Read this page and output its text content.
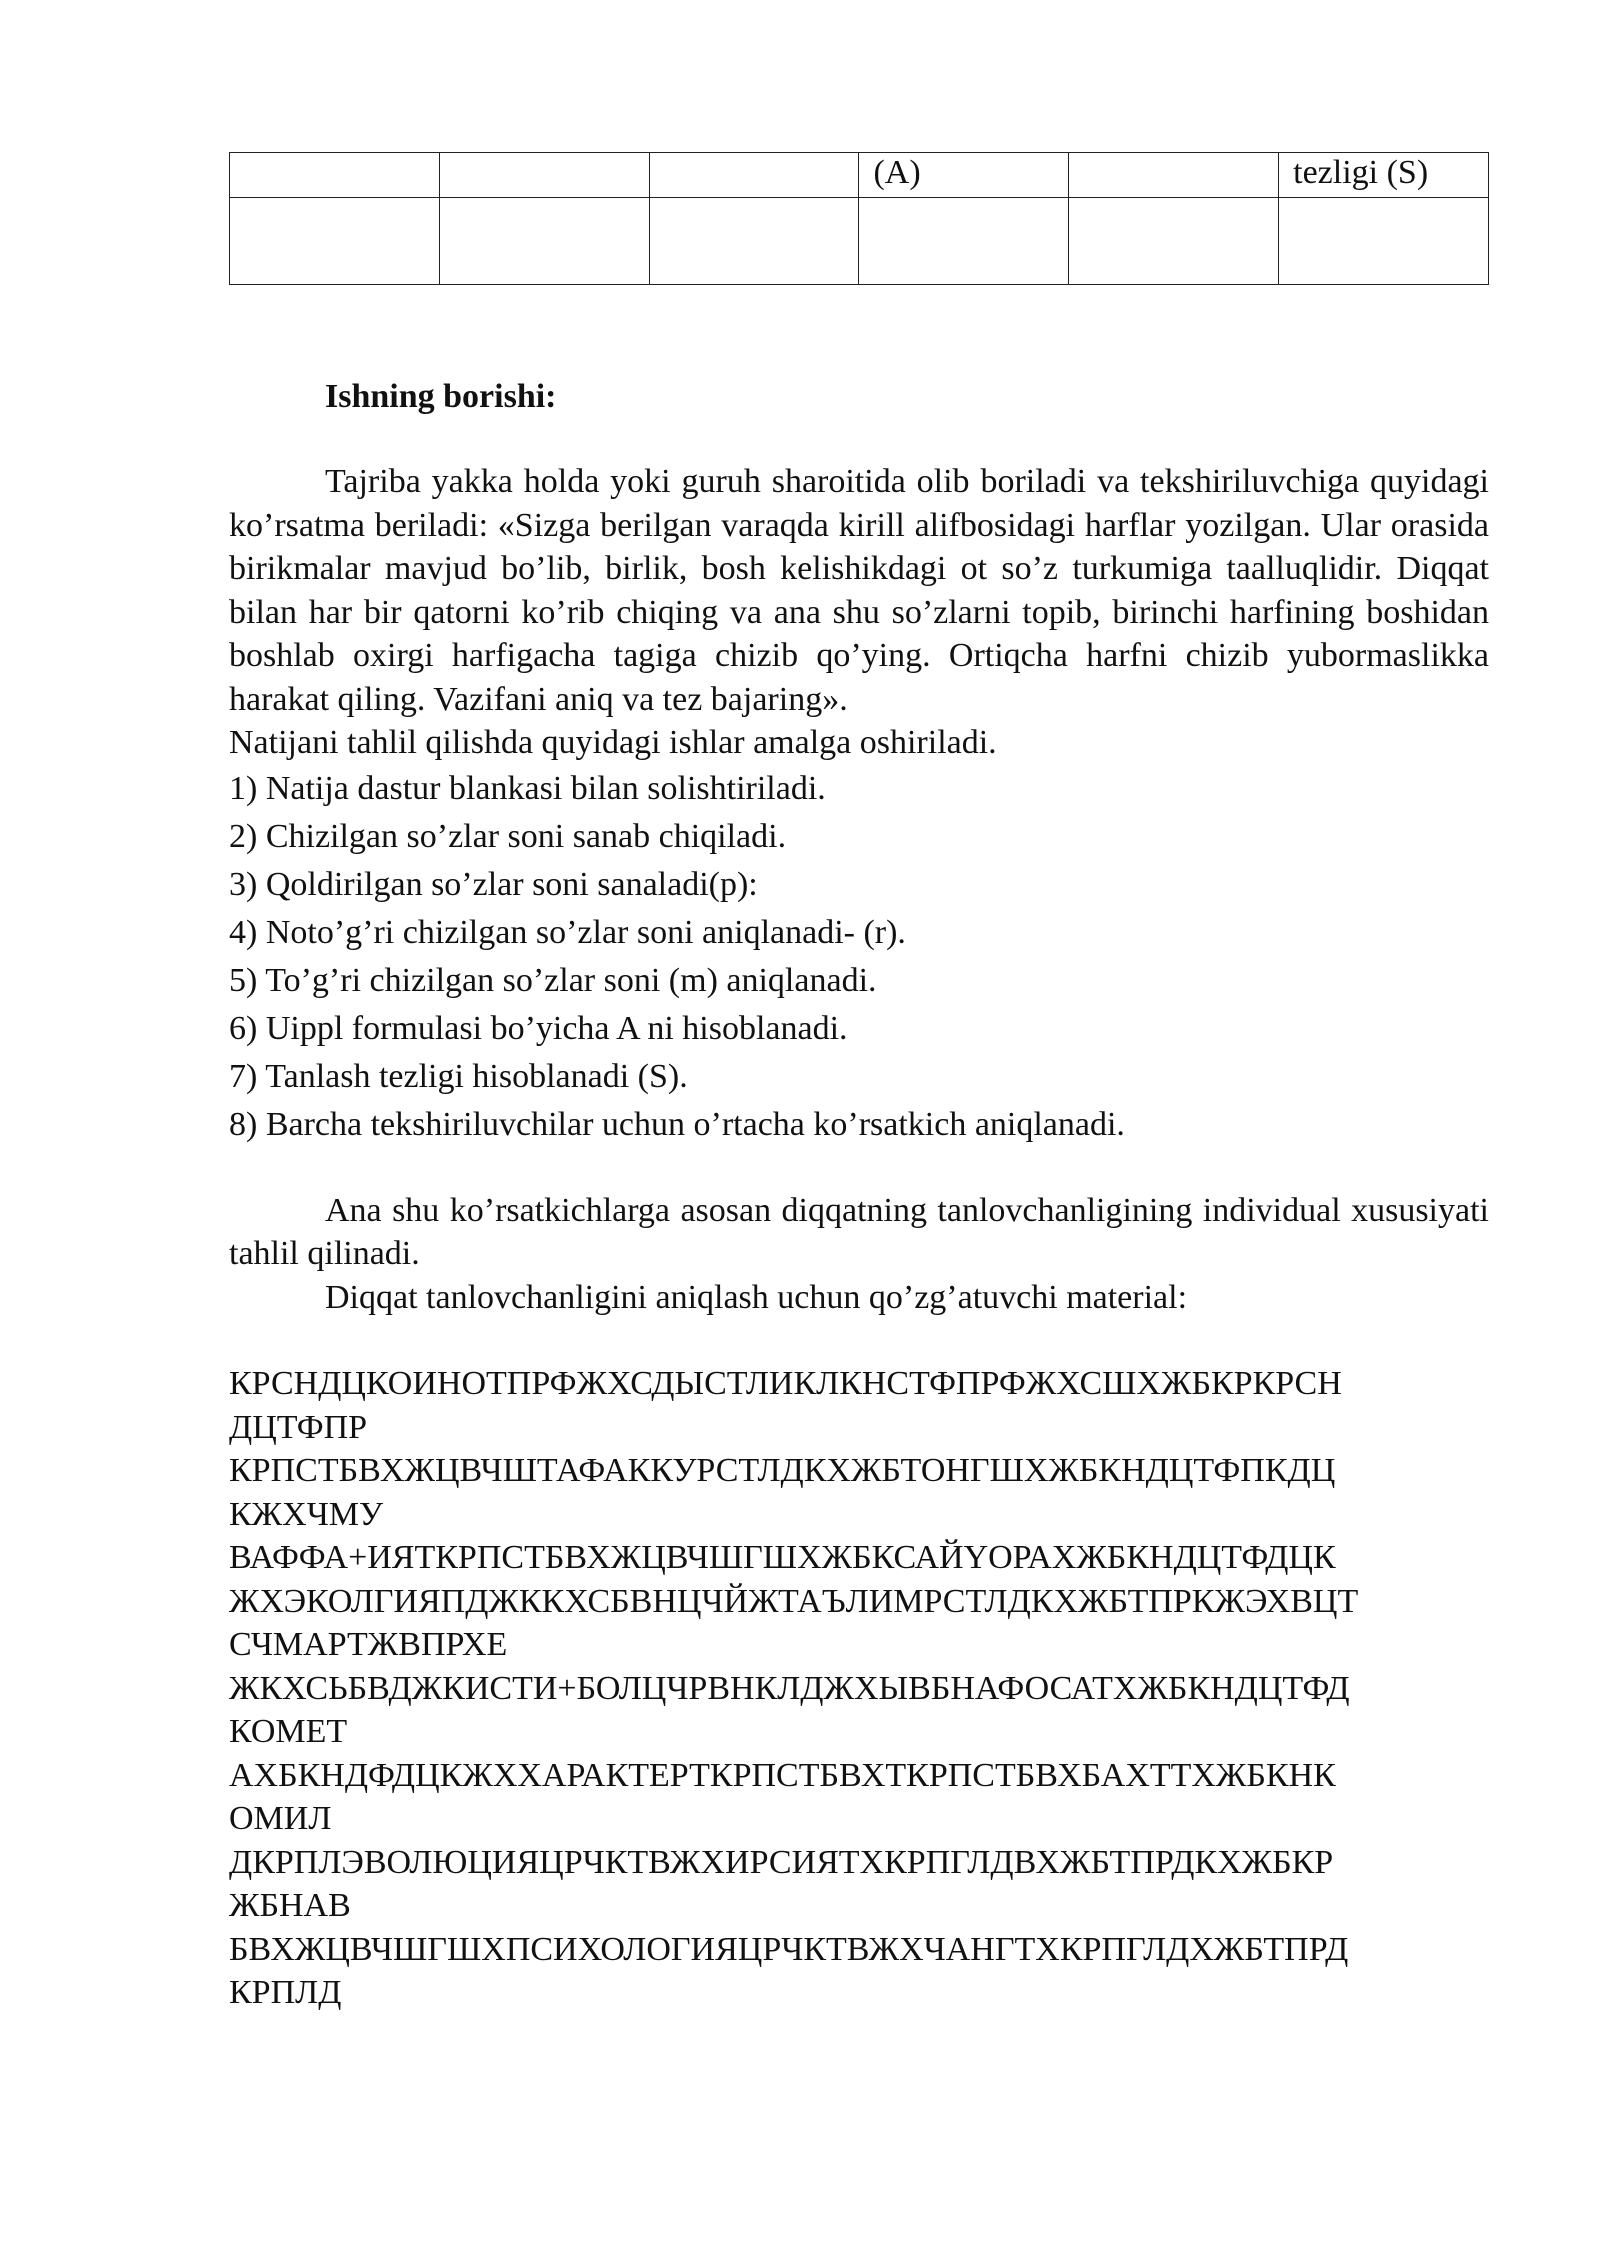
			(A)		tezligi (S)

Ishning borishi:

Tajriba yakka holda yoki guruh sharoitida olib boriladi va tekshiriluvchiga quyidagi ko’rsatma beriladi: «Sizga berilgan varaqda kirill alifbosidagi harflar yozilgan. Ular orasida birikmalar mavjud bo’lib, birlik, bosh kelishikdagi ot so’z turkumiga taalluqlidir. Diqqat bilan har bir qatorni ko’rib chiqing va ana shu so’zlarni topib, birinchi harfining boshidan boshlab oxirgi harfigacha tagiga chizib qo’ying. Ortiqcha harfni chizib yubormaslikka harakat qiling. Vazifani aniq va tez bajaring».

Natijani tahlil qilishda quyidagi ishlar amalga oshiriladi.
1) Natija dastur blankasi bilan solishtiriladi.
2) Chizilgan so’zlar soni sanab chiqiladi.
3) Qoldirilgan so’zlar soni sanaladi(p):
4) Noto’g’ri chizilgan so’zlar soni aniqlanadi- (r).
5) To’g’ri chizilgan so’zlar soni (m) aniqlanadi.
6) Uippl formulasi bo’yicha A ni hisoblanadi.
7) Tanlash tezligi hisoblanadi (S).
8) Barcha tekshiriluvchilar uchun o’rtacha ko’rsatkich aniqlanadi.

Ana shu ko’rsatkichlarga asosan diqqatning tanlovchanligining individual xususiyati tahlil qilinadi.

Diqqat tanlovchanligini aniqlash uchun qo’zg’atuvchi material:

КРСНДЦКОИНОТПРФЖХСДЫСТЛИКЛКНСТФПРФЖХСШХЖБКРКРСН
ДЦТФПР
КРПСТБВХЖЦВЧШТАФАККУРСТЛДКХЖБТОНГШХЖБКНДЦТФПКДЦ
КЖХЧМУ
ВАФФА+ИЯТКРПСТБВХЖЦВЧШГШХЖБКСАЙYОРАХЖБКНДЦТФДЦК
ЖХЭКОЛГИЯПДЖККХСБВНЦЧЙЖТАЪЛИМРСТЛДКХЖБТПРКЖЭХВЦТ
СЧМАРТЖВПРХЕ
ЖКХСЬБВДЖКИСТИ+БОЛЦЧРВНКЛДЖХЫВБНАФОСАТХЖБКНДЦТФД
КОМЕТ
АХБКНДФДЦКЖХХАРАКТЕРТКРПСТБВХТКРПСТБВХБАХТТХЖБКНК
ОМИЛ
ДКРПЛЭВОЛЮЦИЯЦРЧКТВЖХИРСИЯТХКРПГЛДВХЖБТПРДКХЖБКР
ЖБНАВ
БВХЖЦВЧШГШХПСИХОЛОГИЯЦРЧКТВЖХЧАНГТХКРПГЛДХЖБТПРД
КРПЛД
